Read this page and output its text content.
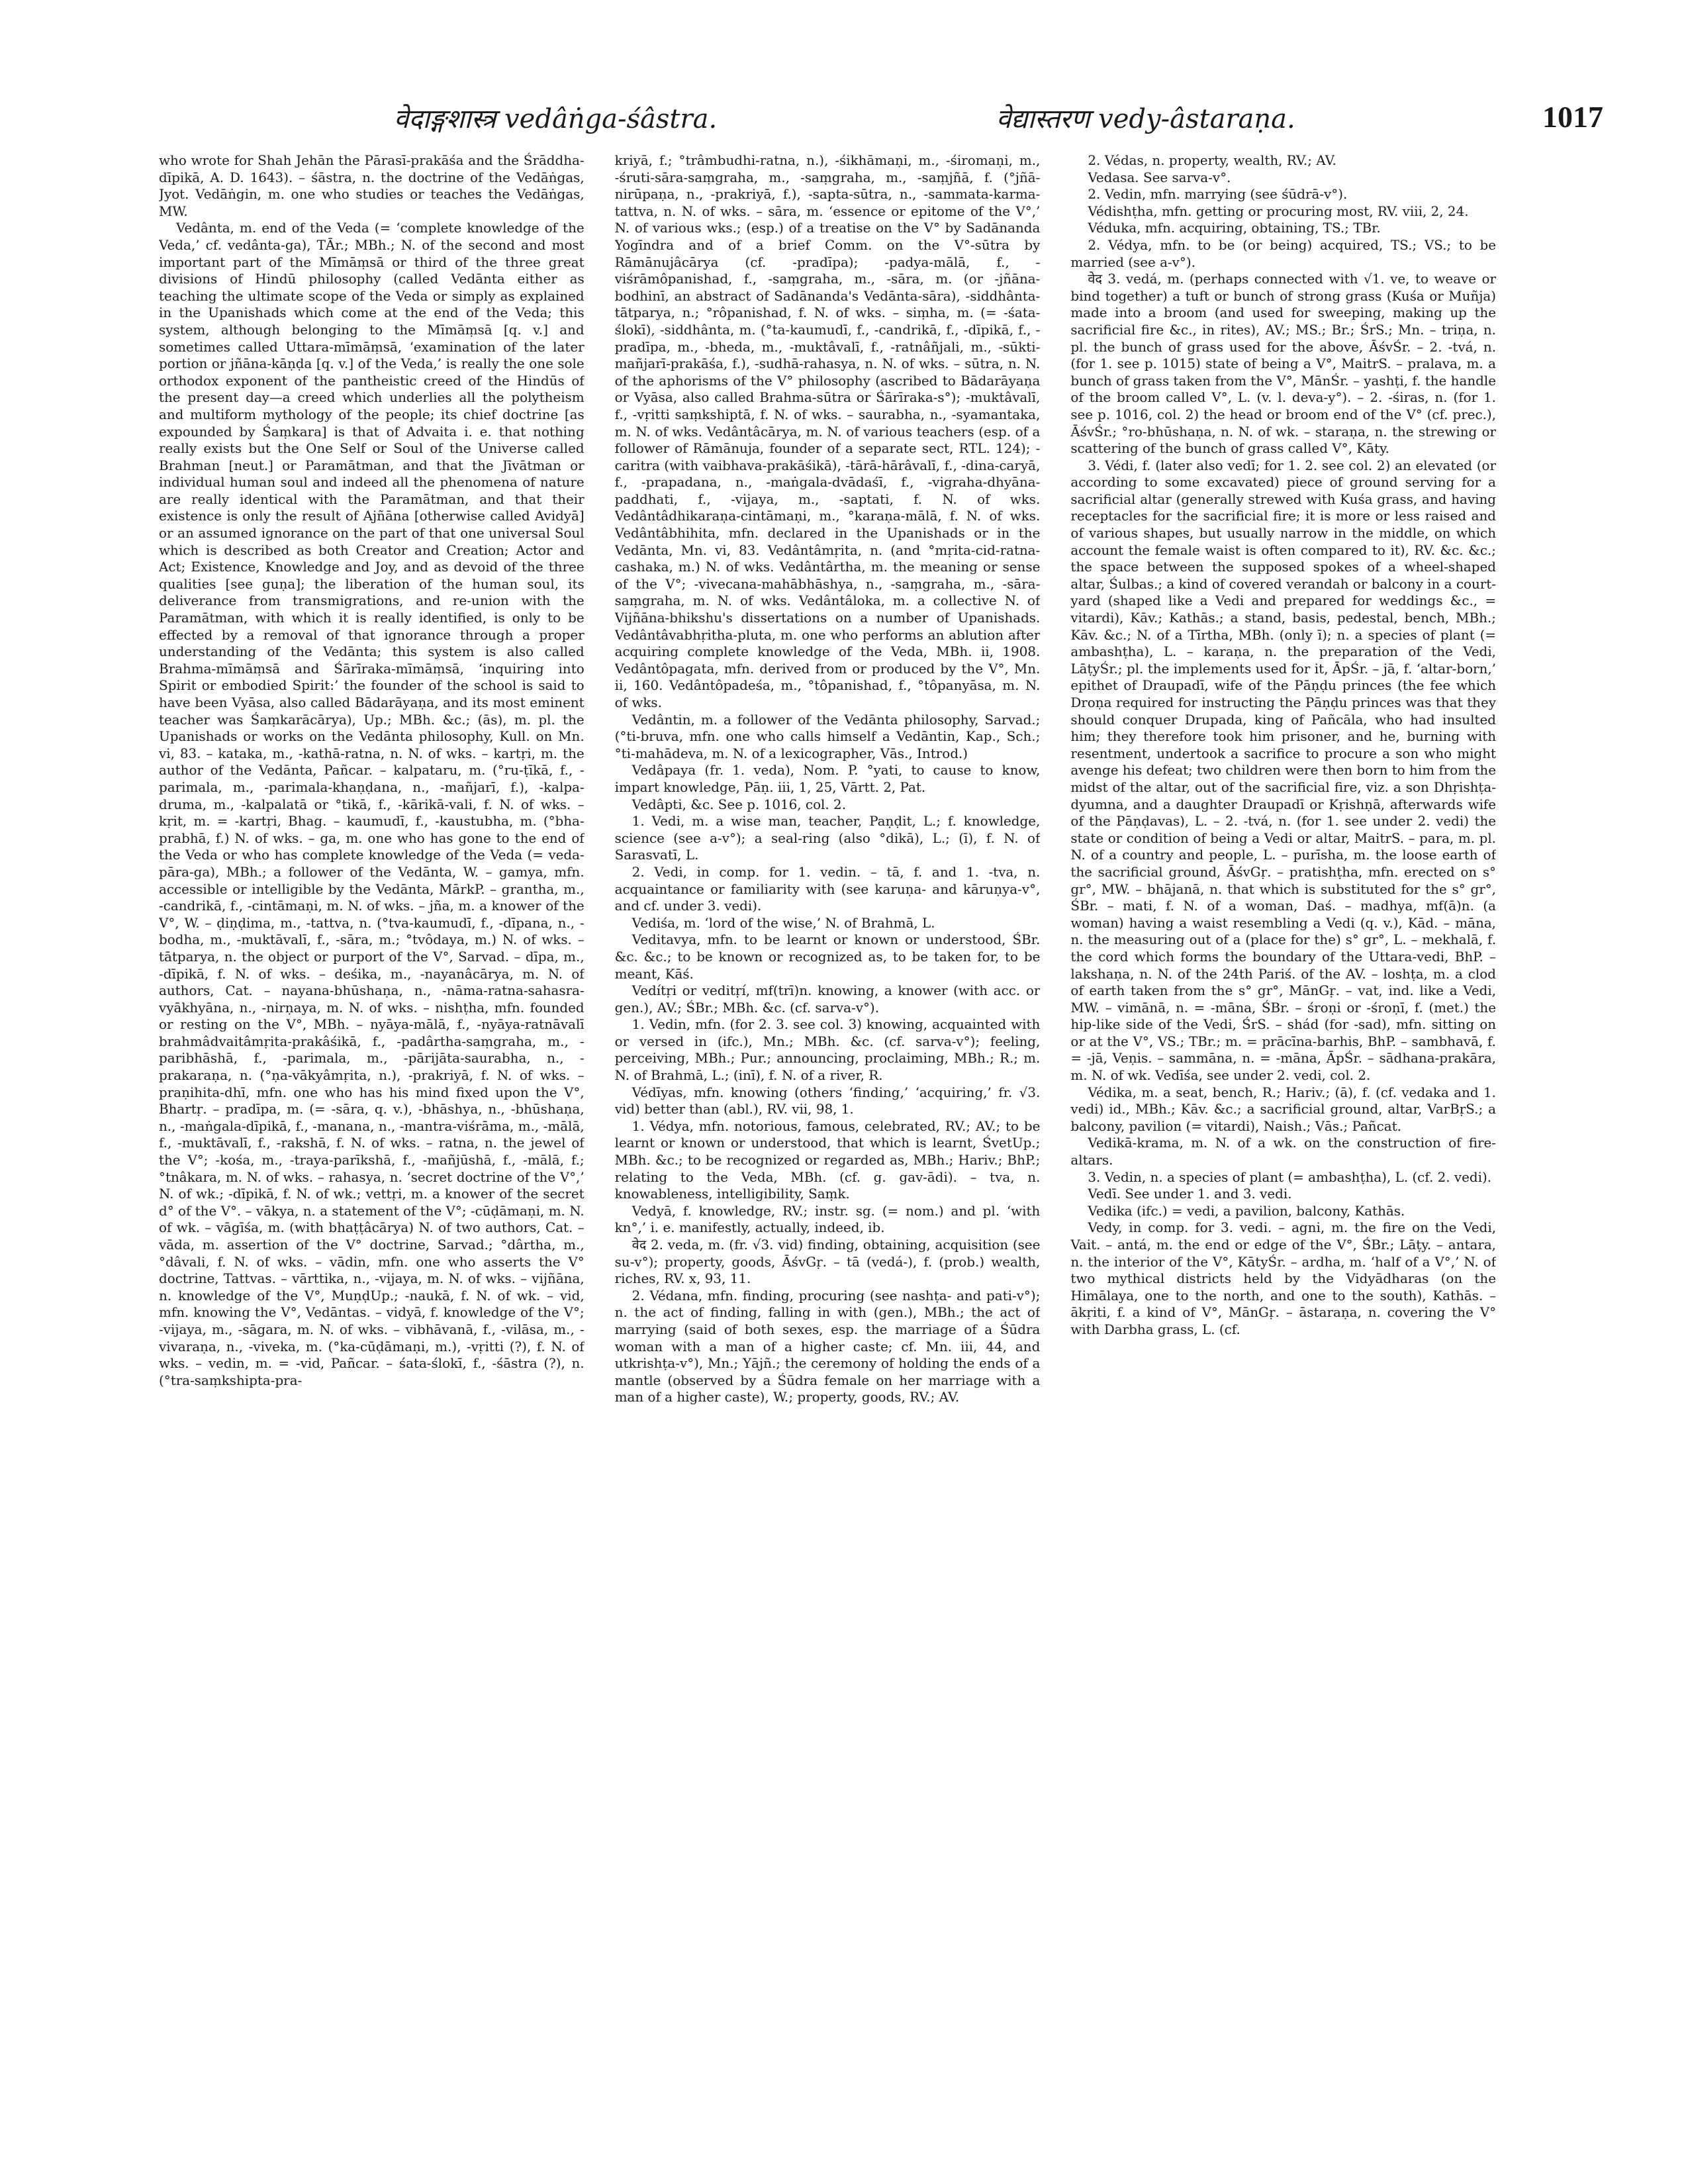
वेदाङ्गशास्त्र vedâṅga-śâstra.	वेद्यास्तरण vedy-âstaraṇa.	1017

who wrote for Shah Jehān the Pārasī-prakāśa and the Śrāddha-dīpikā, A. D. 1643). – śāstra, n. the doctrine of the Vedāṅgas, Jyot. Vedāṅgin, m. one who studies or teaches the Vedāṅgas, MW.

Vedânta, m. end of the Veda (= ‘complete knowledge of the Veda,’ cf. vedânta-ga), TĀr.; MBh.; N. of the second and most important part of the Mīmāṃsā or third of the three great divisions of Hindū philosophy (called Vedānta either as teaching the ultimate scope of the Veda or simply as explained in the Upanishads which come at the end of the Veda; this system, although belonging to the Mīmāṃsā [q. v.] and sometimes called Uttara-mīmāṃsā, ‘examination of the later portion or jñāna-kāṇḍa [q. v.] of the Veda,’ is really the one sole orthodox exponent of the pantheistic creed of the Hindūs of the present day—a creed which underlies all the polytheism and multiform mythology of the people; its chief doctrine [as expounded by Śaṃkara] is that of Advaita i. e. that nothing really exists but the One Self or Soul of the Universe called Brahman [neut.] or Paramātman, and that the Jīvātman or individual human soul and indeed all the phenomena of nature are really identical with the Paramātman, and that their existence is only the result of Ajñāna [otherwise called Avidyā] or an assumed ignorance on the part of that one universal Soul which is described as both Creator and Creation; Actor and Act; Existence, Knowledge and Joy, and as devoid of the three qualities [see guṇa]; the liberation of the human soul, its deliverance from transmigrations, and re-union with the Paramātman, with which it is really identified, is only to be effected by a removal of that ignorance through a proper understanding of the Vedānta; this system is also called Brahma-mīmāṃsā and Śārīraka-mīmāṃsā, ‘inquiring into Spirit or embodied Spirit:’ the founder of the school is said to have been Vyāsa, also called Bādarāyaṇa, and its most eminent teacher was Śaṃkarācārya), Up.; MBh. &c.; (ās), m. pl. the Upanishads or works on the Vedānta philosophy, Kull. on Mn. vi, 83. – kataka, m., -kathā-ratna, n. N. of wks. – kartṛi, m. the author of the Vedānta, Pañcar. – kalpataru, m. (°ru-ṭīkā, f., -parimala, m., -parimala-khaṇḍana, n., -mañjarī, f.), -kalpa-druma, m., -kalpalatā or °tikā, f., -kārikā-vali, f. N. of wks. – kṛit, m. = -kartṛi, Bhag. – kaumudī, f., -kaustubha, m. (°bha-prabhā, f.) N. of wks. – ga, m. one who has gone to the end of the Veda or who has complete knowledge of the Veda (= veda-pāra-ga), MBh.; a follower of the Vedānta, W. – gamya, mfn. accessible or intelligible by the Vedānta, MārkP. – grantha, m., -candrikā, f., -cintāmaṇi, m. N. of wks. – jña, m. a knower of the V°, W. – ḍiṇḍima, m., -tattva, n. (°tva-kaumudī, f., -dīpana, n., -bodha, m., -muktāvalī, f., -sāra, m.; °tvôdaya, m.) N. of wks. – tātparya, n. the object or purport of the V°, Sarvad. – dīpa, m., -dīpikā, f. N. of wks. – deśika, m., -nayanâcārya, m. N. of authors, Cat. – nayana-bhūshaṇa, n., -nāma-ratna-sahasra-vyākhyāna, n., -nirṇaya, m. N. of wks. – nishṭha, mfn. founded or resting on the V°, MBh. – nyāya-mālā, f., -nyāya-ratnāvalī brahmâdvaitâmṛita-prakâśikā, f., -padârtha-saṃgraha, m., -paribhāshā, f., -parimala, m., -pārijāta-saurabha, n., -prakaraṇa, n. (°ṇa-vākyâmṛita, n.), -prakriyā, f. N. of wks. – praṇihita-dhī, mfn. one who has his mind fixed upon the V°, Bhartṛ. – pradīpa, m. (= -sāra, q. v.), -bhāshya, n., -bhūshaṇa, n., -maṅgala-dīpikā, f., -manana, n., -mantra-viśrāma, m., -mālā, f., -muktāvalī, f., -rakshā, f. N. of wks. – ratna, n. the jewel of the V°; -kośa, m., -traya-parīkshā, f., -mañjūshā, f., -mālā, f.; °tnâkara, m. N. of wks. – rahasya, n. ‘secret doctrine of the V°,’ N. of wk.; -dīpikā, f. N. of wk.; vettṛi, m. a knower of the secret d° of the V°. – vākya, n. a statement of the V°; -cūḍāmaṇi, m. N. of wk. – vāgīśa, m. (with bhaṭṭâcārya) N. of two authors, Cat. – vāda, m. assertion of the V° doctrine, Sarvad.; °dârtha, m., °dâvali, f. N. of wks. – vādin, mfn. one who asserts the V° doctrine, Tattvas. – vārttika, n., -vijaya, m. N. of wks. – vijñāna, n. knowledge of the V°, MuṇḍUp.; -naukā, f. N. of wk. – vid, mfn. knowing the V°, Vedāntas. – vidyā, f. knowledge of the V°; -vijaya, m., -sāgara, m. N. of wks. – vibhāvanā, f., -vilāsa, m., -vivaraṇa, n., -viveka, m. (°ka-cūḍāmaṇi, m.), -vṛitti (?), f. N. of wks. – vedin, m. = -vid, Pañcar. – śata-ślokī, f., -śāstra (?), n. (°tra-saṃkshipta-pra-

kriyā, f.; °trâmbudhi-ratna, n.), -śikhāmaṇi, m., -śiromaṇi, m., -śruti-sāra-saṃgraha, m., -saṃgraha, m., -saṃjñā, f. (°jñā-nirūpaṇa, n., -prakriyā, f.), -sapta-sūtra, n., -sammata-karma-tattva, n. N. of wks. – sāra, m. ‘essence or epitome of the V°,’ N. of various wks.; (esp.) of a treatise on the V° by Sadānanda Yogīndra and of a brief Comm. on the V°-sūtra by Rāmānujâcārya (cf. -pradīpa); -padya-mālā, f., -viśrāmôpanishad, f., -saṃgraha, m., -sāra, m. (or -jñāna-bodhinī, an abstract of Sadānanda's Vedānta-sāra), -siddhânta-tātparya, n.; °rôpanishad, f. N. of wks. – siṃha, m. (= -śata-ślokī), -siddhânta, m. (°ta-kaumudī, f., -candrikā, f., -dīpikā, f., -pradīpa, m., -bheda, m., -muktâvalī, f., -ratnâñjali, m., -sūkti-mañjarī-prakāśa, f.), -sudhā-rahasya, n. N. of wks. – sūtra, n. N. of the aphorisms of the V° philosophy (ascribed to Bādarāyaṇa or Vyāsa, also called Brahma-sūtra or Śārīraka-s°); -muktâvalī, f., -vṛitti saṃkshiptā, f. N. of wks. – saurabha, n., -syamantaka, m. N. of wks. Vedântâcārya, m. N. of various teachers (esp. of a follower of Rāmānuja, founder of a separate sect, RTL. 124); -caritra (with vaibhava-prakāśikā), -tārā-hārâvalī, f., -dina-caryā, f., -prapadana, n., -maṅgala-dvādaśī, f., -vigraha-dhyāna-paddhati, f., -vijaya, m., -saptati, f. N. of wks. Vedântâdhikaraṇa-cintāmaṇi, m., °karaṇa-mālā, f. N. of wks. Vedântâbhihita, mfn. declared in the Upanishads or in the Vedānta, Mn. vi, 83. Vedântâmṛita, n. (and °mṛita-cid-ratna-cashaka, m.) N. of wks. Vedântârtha, m. the meaning or sense of the V°; -vivecana-mahābhāshya, n., -saṃgraha, m., -sāra-saṃgraha, m. N. of wks. Vedântâloka, m. a collective N. of Vijñāna-bhikshu's dissertations on a number of Upanishads. Vedântâvabhṛitha-pluta, m. one who performs an ablution after acquiring complete knowledge of the Veda, MBh. ii, 1908. Vedântôpagata, mfn. derived from or produced by the V°, Mn. ii, 160. Vedântôpadeśa, m., °tôpanishad, f., °tôpanyāsa, m. N. of wks.

Vedântin, m. a follower of the Vedānta philosophy, Sarvad.; (°ti-bruva, mfn. one who calls himself a Vedāntin, Kap., Sch.; °ti-mahādeva, m. N. of a lexicographer, Vās., Introd.)

Vedâpaya (fr. 1. veda), Nom. P. °yati, to cause to know, impart knowledge, Pāṇ. iii, 1, 25, Vārtt. 2, Pat.

Vedâpti, &c. See p. 1016, col. 2.

1. Vedi, m. a wise man, teacher, Paṇḍit, L.; f. knowledge, science (see a-v°); a seal-ring (also °dikā), L.; (ī), f. N. of Sarasvatī, L.

2. Vedi, in comp. for 1. vedin. – tā, f. and 1. -tva, n. acquaintance or familiarity with (see karuṇa- and kāruṇya-v°, and cf. under 3. vedi).

Vediśa, m. ‘lord of the wise,’ N. of Brahmā, L.

Veditavya, mfn. to be learnt or known or understood, ŚBr. &c. &c.; to be known or recognized as, to be taken for, to be meant, Kāś.

Vedítṛi or veditṛí, mf(trī)n. knowing, a knower (with acc. or gen.), AV.; ŚBr.; MBh. &c. (cf. sarva-v°).

1. Vedin, mfn. (for 2. 3. see col. 3) knowing, acquainted with or versed in (ifc.), Mn.; MBh. &c. (cf. sarva-v°); feeling, perceiving, MBh.; Pur.; announcing, proclaiming, MBh.; R.; m. N. of Brahmā, L.; (inī), f. N. of a river, R.

Védīyas, mfn. knowing (others ‘finding,’ ‘acquiring,’ fr. √3. vid) better than (abl.), RV. vii, 98, 1.

1. Védya, mfn. notorious, famous, celebrated, RV.; AV.; to be learnt or known or understood, that which is learnt, ŚvetUp.; MBh. &c.; to be recognized or regarded as, MBh.; Hariv.; BhP.; relating to the Veda, MBh. (cf. g. gav-ādi). – tva, n. knowableness, intelligibility, Saṃk.

Vedyā, f. knowledge, RV.; instr. sg. (= nom.) and pl. ‘with kn°,’ i. e. manifestly, actually, indeed, ib.

वेद 2. veda, m. (fr. √3. vid) finding, obtaining, acquisition (see su-v°); property, goods, ĀśvGṛ. – tā (vedá-), f. (prob.) wealth, riches, RV. x, 93, 11.

2. Védana, mfn. finding, procuring (see nashṭa- and pati-v°); n. the act of finding, falling in with (gen.), MBh.; the act of marrying (said of both sexes, esp. the marriage of a Śūdra woman with a man of a higher caste; cf. Mn. iii, 44, and utkrishṭa-v°), Mn.; Yājñ.; the ceremony of holding the ends of a mantle (observed by a Śūdra female on her marriage with a man of a higher caste), W.; property, goods, RV.; AV.

2. Védas, n. property, wealth, RV.; AV.

Vedasa. See sarva-v°.

2. Vedin, mfn. marrying (see śūdrā-v°).

Védishṭha, mfn. getting or procuring most, RV. viii, 2, 24.

Véduka, mfn. acquiring, obtaining, TS.; TBr.

2. Védya, mfn. to be (or being) acquired, TS.; VS.; to be married (see a-v°).

वेद 3. vedá, m. (perhaps connected with √1. ve, to weave or bind together) a tuft or bunch of strong grass (Kuśa or Muñja) made into a broom (and used for sweeping, making up the sacrificial fire &c., in rites), AV.; MS.; Br.; ŚrS.; Mn. – triṇa, n. pl. the bunch of grass used for the above, ĀśvŚr. – 2. -tvá, n. (for 1. see p. 1015) state of being a V°, MaitrS. – pralava, m. a bunch of grass taken from the V°, MānŚr. – yashṭi, f. the handle of the broom called V°, L. (v. l. deva-y°). – 2. -śiras, n. (for 1. see p. 1016, col. 2) the head or broom end of the V° (cf. prec.), ĀśvŚr.; °ro-bhūshaṇa, n. N. of wk. – staraṇa, n. the strewing or scattering of the bunch of grass called V°, Kāty.

3. Védi, f. (later also vedī; for 1. 2. see col. 2) an elevated (or according to some excavated) piece of ground serving for a sacrificial altar (generally strewed with Kuśa grass, and having receptacles for the sacrificial fire; it is more or less raised and of various shapes, but usually narrow in the middle, on which account the female waist is often compared to it), RV. &c. &c.; the space between the supposed spokes of a wheel-shaped altar, Śulbas.; a kind of covered verandah or balcony in a court-yard (shaped like a Vedi and prepared for weddings &c., = vitardi), Kāv.; Kathās.; a stand, basis, pedestal, bench, MBh.; Kāv. &c.; N. of a Tīrtha, MBh. (only ī); n. a species of plant (= ambashṭha), L. – karaṇa, n. the preparation of the Vedi, LāṭyŚr.; pl. the implements used for it, ĀpŚr. – jā, f. ‘altar-born,’ epithet of Draupadī, wife of the Pāṇḍu princes (the fee which Droṇa required for instructing the Pāṇḍu princes was that they should conquer Drupada, king of Pañcāla, who had insulted him; they therefore took him prisoner, and he, burning with resentment, undertook a sacrifice to procure a son who might avenge his defeat; two children were then born to him from the midst of the altar, out of the sacrificial fire, viz. a son Dhṛishṭa-dyumna, and a daughter Draupadī or Kṛishṇā, afterwards wife of the Pāṇḍavas), L. – 2. -tvá, n. (for 1. see under 2. vedi) the state or condition of being a Vedi or altar, MaitrS. – para, m. pl. N. of a country and people, L. – purīsha, m. the loose earth of the sacrificial ground, ĀśvGṛ. – pratishṭha, mfn. erected on s° gr°, MW. – bhājanā, n. that which is substituted for the s° gr°, ŚBr. – mati, f. N. of a woman, Daś. – madhya, mf(ā)n. (a woman) having a waist resembling a Vedi (q. v.), Kād. – māna, n. the measuring out of a (place for the) s° gr°, L. – mekhalā, f. the cord which forms the boundary of the Uttara-vedi, BhP. – lakshaṇa, n. N. of the 24th Pariś. of the AV. – loshṭa, m. a clod of earth taken from the s° gr°, MānGṛ. – vat, ind. like a Vedi, MW. – vimānā, n. = -māna, ŚBr. – śroṇi or -śroṇī, f. (met.) the hip-like side of the Vedi, ŚrS. – shád (for -sad), mfn. sitting on or at the V°, VS.; TBr.; m. = prācīna-barhis, BhP. – sambhavā, f. = -jā, Veṇis. – sammāna, n. = -māna, ĀpŚr. – sādhana-prakāra, m. N. of wk. Vedīśa, see under 2. vedi, col. 2.

Védika, m. a seat, bench, R.; Hariv.; (ā), f. (cf. vedaka and 1. vedi) id., MBh.; Kāv. &c.; a sacrificial ground, altar, VarBṛS.; a balcony, pavilion (= vitardi), Naish.; Vās.; Pañcat.

Vedikā-krama, m. N. of a wk. on the construction of fire-altars.

3. Vedin, n. a species of plant (= ambashṭha), L. (cf. 2. vedi).

Vedī. See under 1. and 3. vedi.

Vedika (ifc.) = vedi, a pavilion, balcony, Kathās.

Vedy, in comp. for 3. vedi. – agni, m. the fire on the Vedi, Vait. – antá, m. the end or edge of the V°, ŚBr.; Lāṭy. – antara, n. the interior of the V°, KātyŚr. – ardha, m. ‘half of a V°,’ N. of two mythical districts held by the Vidyādharas (on the Himālaya, one to the north, and one to the south), Kathās. – ākṛiti, f. a kind of V°, MānGṛ. – āstaraṇa, n. covering the V° with Darbha grass, L. (cf.
